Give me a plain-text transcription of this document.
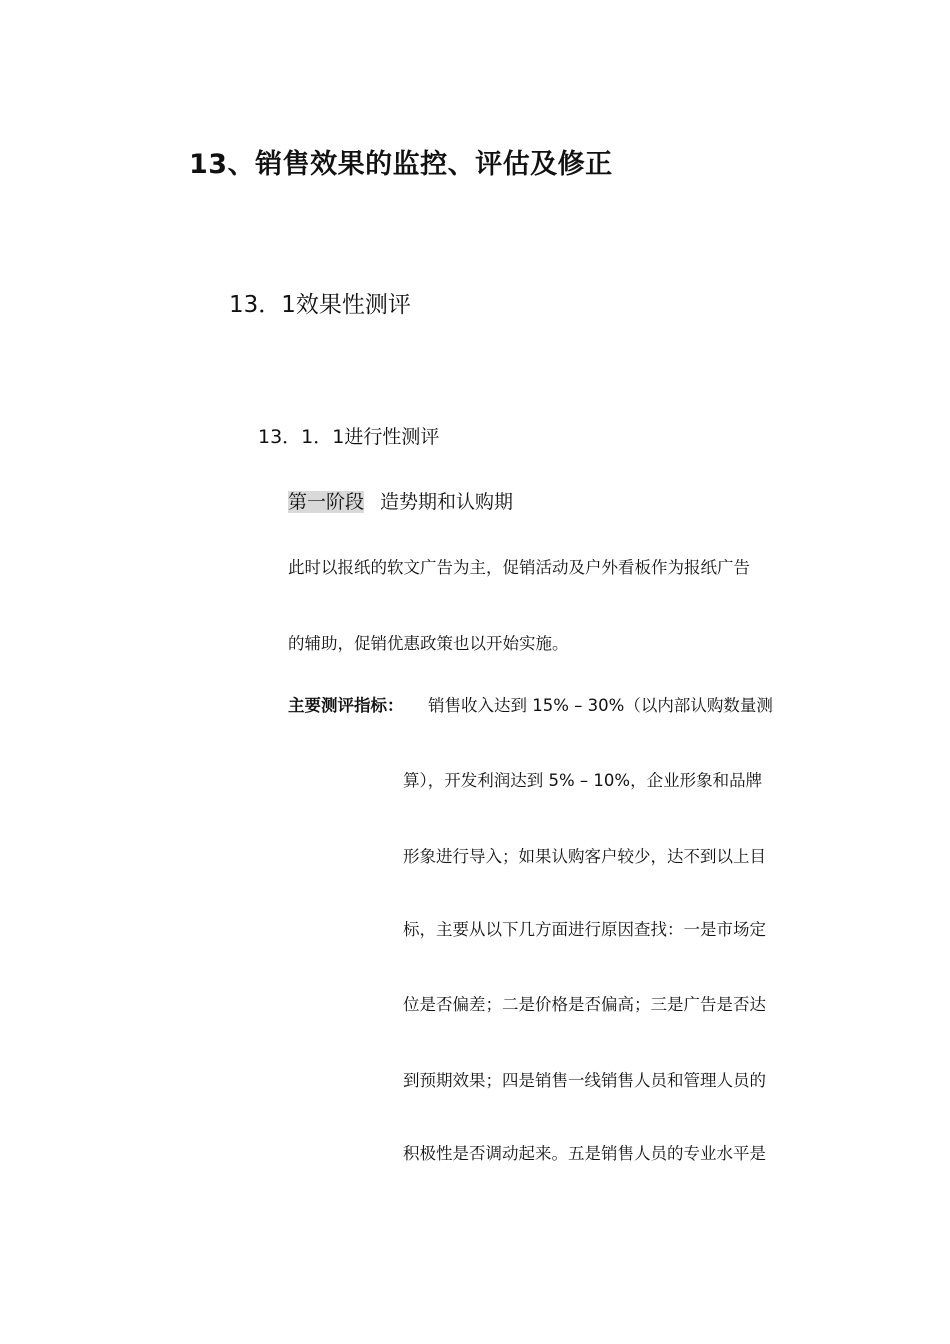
13、销售效果的监控、评估及修正
13．1效果性测评
13．1．1进行性测评
第一阶段 造势期和认购期
此时以报纸的软文广告为主，促销活动及户外看板作为报纸广告
的辅助，促销优惠政策也以开始实施。
主要测评指标： 销售收入达到 15% – 30%（以内部认购数量测
算），开发利润达到 5% – 10%，企业形象和品牌
形象进行导入；如果认购客户较少，达不到以上目
标，主要从以下几方面进行原因查找：一是市场定
位是否偏差；二是价格是否偏高；三是广告是否达
到预期效果；四是销售一线销售人员和管理人员的
积极性是否调动起来。五是销售人员的专业水平是
